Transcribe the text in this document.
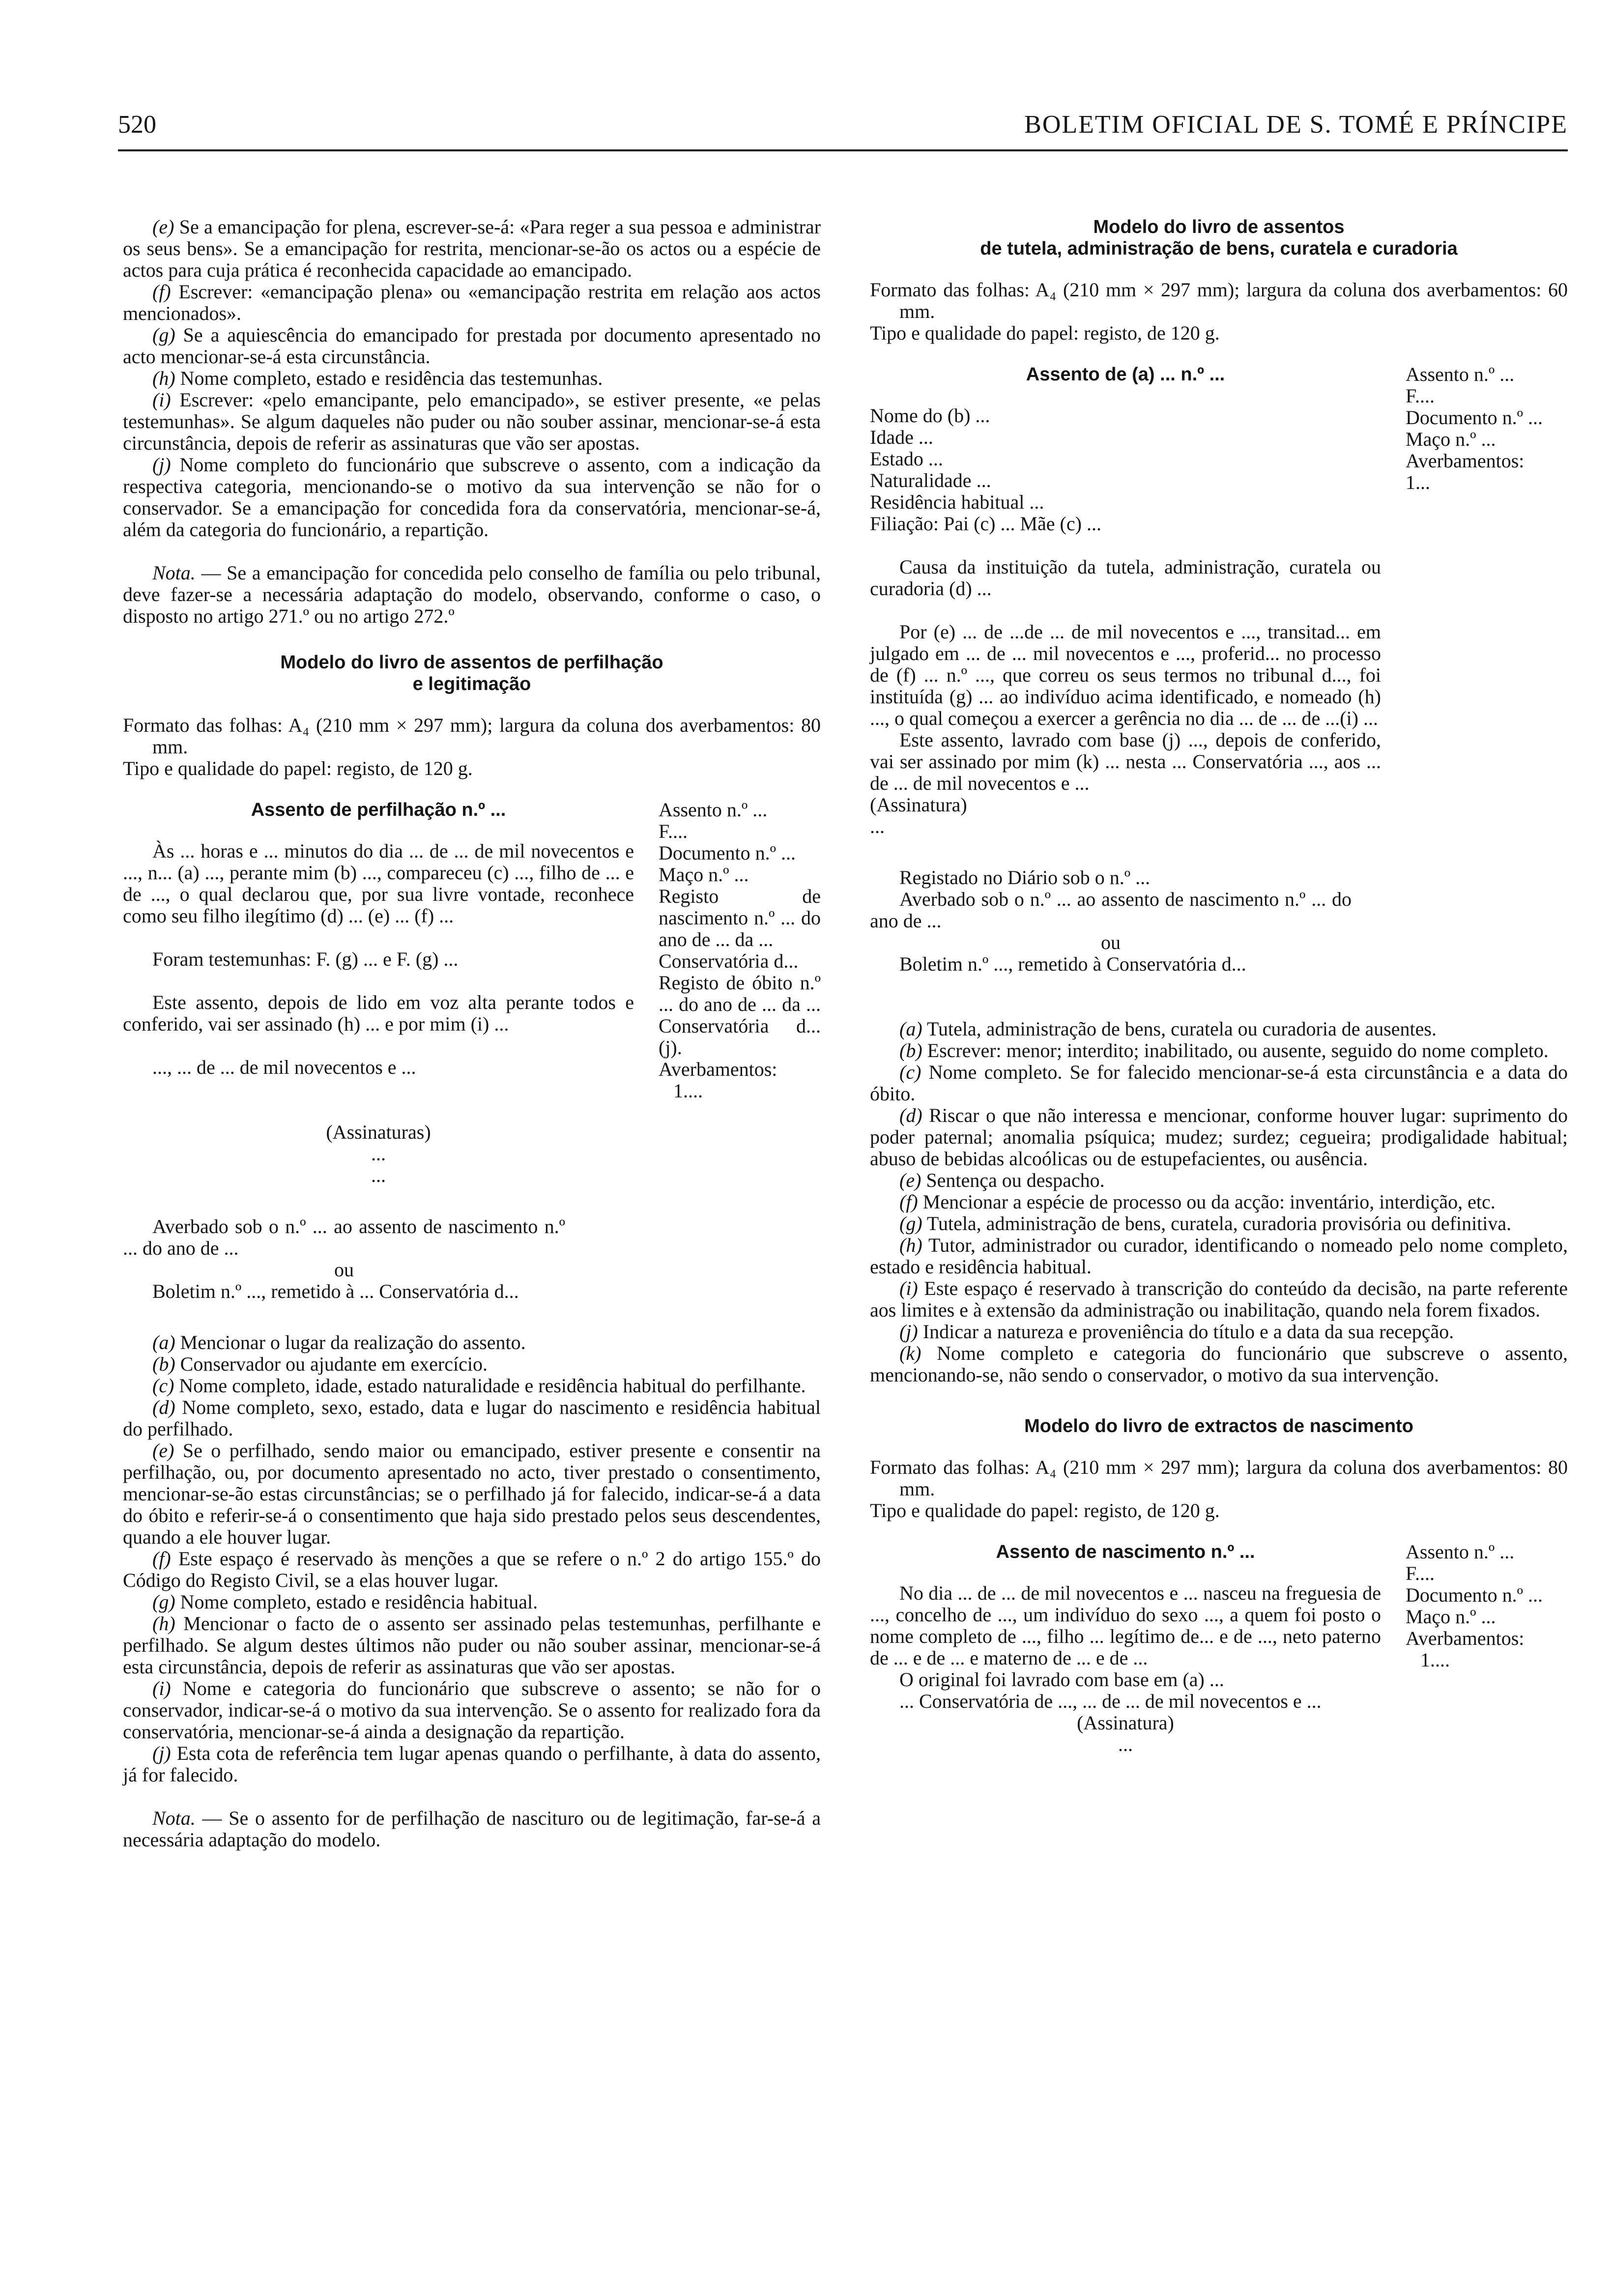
520	BOLETIM OFICIAL DE S. TOMÉ E PRÍNCIPE

(e) Se a emancipação for plena, escrever-se-á: «Para reger a sua pessoa e administrar os seus bens». Se a emancipação for restrita, mencionar-se-ão os actos ou a espécie de actos para cuja prática é reconhecida capacidade ao emancipado.

(f) Escrever: «emancipação plena» ou «emancipação restrita em relação aos actos mencionados».

(g) Se a aquiescência do emancipado for prestada por documento apresentado no acto mencionar-se-á esta circunstância.

(h) Nome completo, estado e residência das testemunhas.

(i) Escrever: «pelo emancipante, pelo emancipado», se estiver presente, «e pelas testemunhas». Se algum daqueles não puder ou não souber assinar, mencionar-se-á esta circunstância, depois de referir as assinaturas que vão ser apostas.

(j) Nome completo do funcionário que subscreve o assento, com a indicação da respectiva categoria, mencionando-se o motivo da sua intervenção se não for o conservador. Se a emancipação for concedida fora da conservatória, mencionar-se-á, além da categoria do funcionário, a repartição.

Nota. — Se a emancipação for concedida pelo conselho de família ou pelo tribunal, deve fazer-se a necessária adaptação do modelo, observando, conforme o caso, o disposto no artigo 271.º ou no artigo 272.º

Modelo do livro de assentos de perfilhação
e legitimação

Formato das folhas: A₄ (210 mm × 297 mm); largura da coluna dos averbamentos: 80 mm.

Tipo e qualidade do papel: registo, de 120 g.

Assento de perfilhação n.º ...

Às ... horas e ... minutos do dia ... de ... de mil novecentos e ..., n... (a) ..., perante mim (b) ..., compareceu (c) ..., filho de ... e de ..., o qual declarou que, por sua livre vontade, reconhece como seu filho ilegítimo (d) ... (e) ... (f) ...

Foram testemunhas: F. (g) ... e F. (g) ...

Este assento, depois de lido em voz alta perante todos e conferido, vai ser assinado (h) ... e por mim (i) ...

..., ... de ... de mil novecentos e ...

(Assinaturas)

...

...

Assento n.º ...
F....
Documento n.º ...
Maço n.º ...
Registo de nascimento n.º ... do ano de ... da ...
Conservatória d...
Registo de óbito n.º ... do ano de ... da ... Conservatória d... (j).
Averbamentos:
1....

Averbado sob o n.º ... ao assento de nascimento n.º ... do ano de ...

ou

Boletim n.º ..., remetido à ... Conservatória d...

(a) Mencionar o lugar da realização do assento.

(b) Conservador ou ajudante em exercício.

(c) Nome completo, idade, estado naturalidade e residência habitual do perfilhante.

(d) Nome completo, sexo, estado, data e lugar do nascimento e residência habitual do perfilhado.

(e) Se o perfilhado, sendo maior ou emancipado, estiver presente e consentir na perfilhação, ou, por documento apresentado no acto, tiver prestado o consentimento, mencionar-se-ão estas circunstâncias; se o perfilhado já for falecido, indicar-se-á a data do óbito e referir-se-á o consentimento que haja sido prestado pelos seus descendentes, quando a ele houver lugar.

(f) Este espaço é reservado às menções a que se refere o n.º 2 do artigo 155.º do Código do Registo Civil, se a elas houver lugar.

(g) Nome completo, estado e residência habitual.

(h) Mencionar o facto de o assento ser assinado pelas testemunhas, perfilhante e perfilhado. Se algum destes últimos não puder ou não souber assinar, mencionar-se-á esta circunstância, depois de referir as assinaturas que vão ser apostas.

(i) Nome e categoria do funcionário que subscreve o assento; se não for o conservador, indicar-se-á o motivo da sua intervenção. Se o assento for realizado fora da conservatória, mencionar-se-á ainda a designação da repartição.

(j) Esta cota de referência tem lugar apenas quando o perfilhante, à data do assento, já for falecido.

Nota. — Se o assento for de perfilhação de nascituro ou de legitimação, far-se-á a necessária adaptação do modelo.

Modelo do livro de assentos
de tutela, administração de bens, curatela e curadoria

Formato das folhas: A₄ (210 mm × 297 mm); largura da coluna dos averbamentos: 60 mm.

Tipo e qualidade do papel: registo, de 120 g.

Assento de (a) ... n.º ...

Nome do (b) ...

Idade ...

Estado ...

Naturalidade ...

Residência habitual ...

Filiação: Pai (c) ... Mãe (c) ...

Causa da instituição da tutela, administração, curatela ou curadoria (d) ...

Por (e) ... de ...de ... de mil novecentos e ..., transitad... em julgado em ... de ... mil novecentos e ..., proferid... no processo de (f) ... n.º ..., que correu os seus termos no tribunal d..., foi instituída (g) ... ao indivíduo acima identificado, e nomeado (h) ..., o qual começou a exercer a gerência no dia ... de ... de ...(i) ...

Este assento, lavrado com base (j) ..., depois de conferido, vai ser assinado por mim (k) ... nesta ... Conservatória ..., aos ... de ... de mil novecentos e ...

(Assinatura)

...

Assento n.º ...
F....
Documento n.º ...
Maço n.º ...
Averbamentos:
1...

Registado no Diário sob o n.º ...

Averbado sob o n.º ... ao assento de nascimento n.º ... do ano de ...

ou

Boletim n.º ..., remetido à Conservatória d...

(a) Tutela, administração de bens, curatela ou curadoria de ausentes.

(b) Escrever: menor; interdito; inabilitado, ou ausente, seguido do nome completo.

(c) Nome completo. Se for falecido mencionar-se-á esta circunstância e a data do óbito.

(d) Riscar o que não interessa e mencionar, conforme houver lugar: suprimento do poder paternal; anomalia psíquica; mudez; surdez; cegueira; prodigalidade habitual; abuso de bebidas alcoólicas ou de estupefacientes, ou ausência.

(e) Sentença ou despacho.

(f) Mencionar a espécie de processo ou da acção: inventário, interdição, etc.

(g) Tutela, administração de bens, curatela, curadoria provisória ou definitiva.

(h) Tutor, administrador ou curador, identificando o nomeado pelo nome completo, estado e residência habitual.

(i) Este espaço é reservado à transcrição do conteúdo da decisão, na parte referente aos limites e à extensão da administração ou inabilitação, quando nela forem fixados.

(j) Indicar a natureza e proveniência do título e a data da sua recepção.

(k) Nome completo e categoria do funcionário que subscreve o assento, mencionando-se, não sendo o conservador, o motivo da sua intervenção.

Modelo do livro de extractos de nascimento

Formato das folhas: A₄ (210 mm × 297 mm); largura da coluna dos averbamentos: 80 mm.

Tipo e qualidade do papel: registo, de 120 g.

Assento de nascimento n.º ...

No dia ... de ... de mil novecentos e ... nasceu na freguesia de ..., concelho de ..., um indivíduo do sexo ..., a quem foi posto o nome completo de ..., filho ... legítimo de... e de ..., neto paterno de ... e de ... e materno de ... e de ...

O original foi lavrado com base em (a) ...

... Conservatória de ..., ... de ... de mil novecentos e ...

(Assinatura)

...

Assento n.º ...
F....
Documento n.º ...
Maço n.º ...
Averbamentos:
1....
